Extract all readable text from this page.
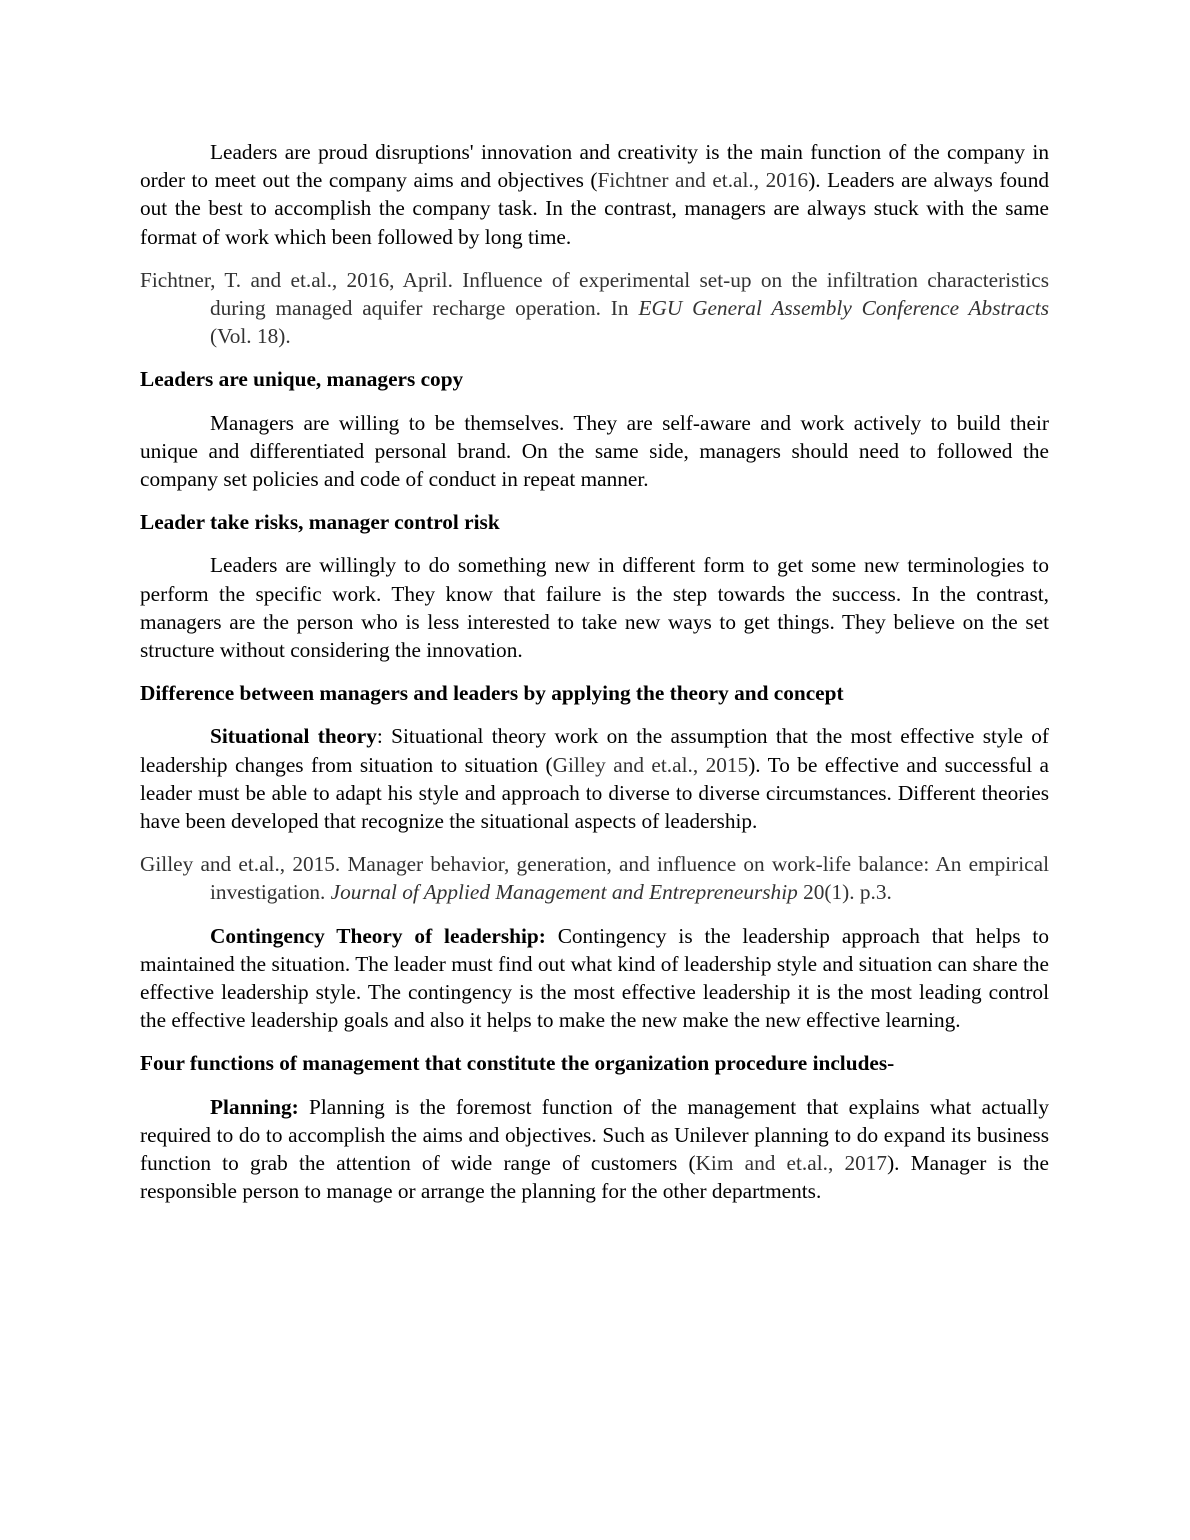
Leaders are proud disruptions' innovation and creativity is the main function of the company in order to meet out the company aims and objectives (Fichtner and et.al., 2016). Leaders are always found out the best to accomplish the company task. In the contrast, managers are always stuck with the same format of work which been followed by long time.

Fichtner, T. and et.al., 2016, April. Influence of experimental set-up on the infiltration characteristics during managed aquifer recharge operation. In EGU General Assembly Conference Abstracts (Vol. 18).

Leaders are unique, managers copy

Managers are willing to be themselves. They are self-aware and work actively to build their unique and differentiated personal brand. On the same side, managers should need to followed the company set policies and code of conduct in repeat manner.

Leader take risks, manager control risk

Leaders are willingly to do something new in different form to get some new terminologies to perform the specific work. They know that failure is the step towards the success. In the contrast, managers are the person who is less interested to take new ways to get things. They believe on the set structure without considering the innovation.

Difference between managers and leaders by applying the theory and concept

Situational theory: Situational theory work on the assumption that the most effective style of leadership changes from situation to situation (Gilley and et.al., 2015). To be effective and successful a leader must be able to adapt his style and approach to diverse to diverse circumstances. Different theories have been developed that recognize the situational aspects of leadership.

Gilley and et.al., 2015. Manager behavior, generation, and influence on work-life balance: An empirical investigation. Journal of Applied Management and Entrepreneurship 20(1). p.3.

Contingency Theory of leadership: Contingency is the leadership approach that helps to maintained the situation. The leader must find out what kind of leadership style and situation can share the effective leadership style. The contingency is the most effective leadership it is the most leading control the effective leadership goals and also it helps to make the new make the new effective learning.

Four functions of management that constitute the organization procedure includes-

Planning: Planning is the foremost function of the management that explains what actually required to do to accomplish the aims and objectives. Such as Unilever planning to do expand its business function to grab the attention of wide range of customers (Kim and et.al., 2017). Manager is the responsible person to manage or arrange the planning for the other departments.
